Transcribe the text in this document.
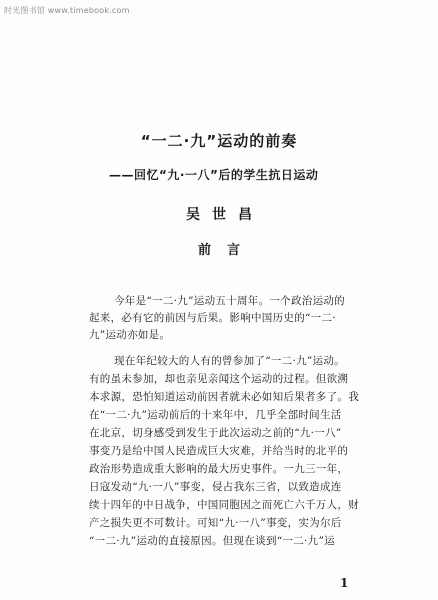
时光图书馆 www.timebook.com
“一二·九”运动的前奏
——回忆“九·一八”后的学生抗日运动
吴世昌
前言
今年是“一二·九”运动五十周年。一个政治运动的
起来，必有它的前因与后果。影响中国历史的“一二·
九”运动亦如是。
现在年纪较大的人有的曾参加了“一二·九”运动。
有的虽未参加，却也亲见亲闻这个运动的过程。但欲溯
本求源，恐怕知道运动前因者就未必如知后果者多了。我
在“一二·九”运动前后的十来年中，几乎全部时间生活
在北京，切身感受到发生于此次运动之前的“九·一八”
事变乃是给中国人民造成巨大灾难，并给当时的北平的
政治形势造成重大影响的最大历史事件。一九三一年，
日寇发动“九·一八”事变，侵占我东三省，以致造成连
续十四年的中日战争，中国同胞因之而死亡六千万人，财
产之损失更不可数计。可知“九·一八”事变，实为尔后
“一二·九”运动的直接原因。但现在谈到“一二·九”运
1
